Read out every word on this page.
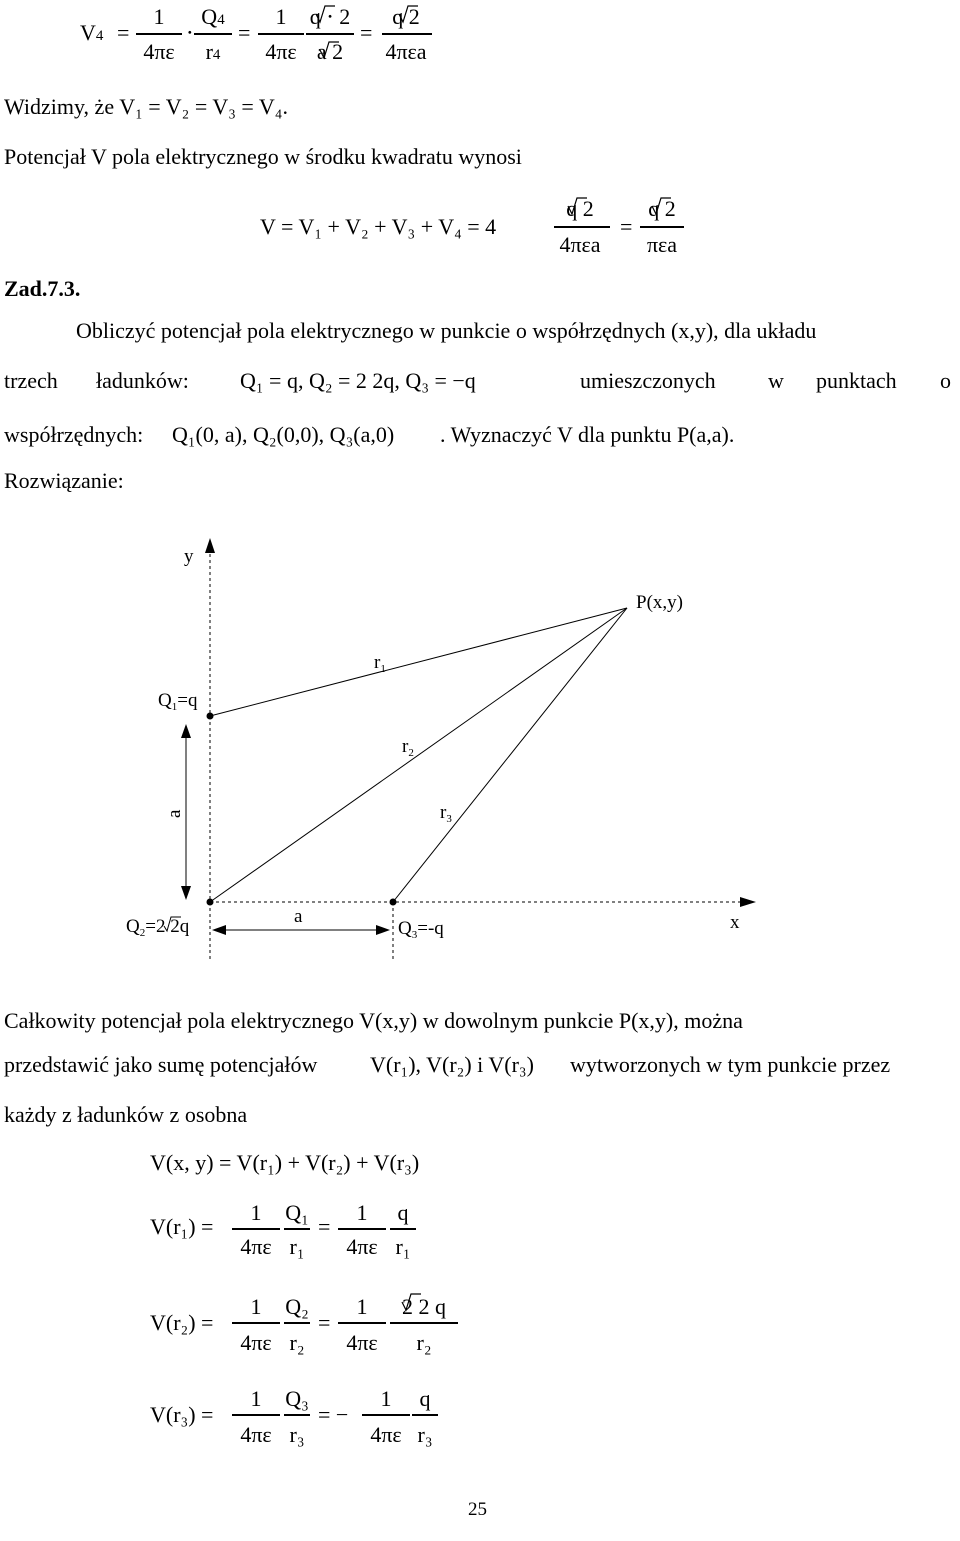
V4 =
1
4πε
⋅
Q4
r4
=
1
4πε
q ⋅ 2
a 2
=
q 2
4πεa
Widzimy, że V₁ = V₂ = V₃ = V₄.
Potencjał V pola elektrycznego w środku kwadratu wynosi
V = V₁ + V₂ + V₃ + V₄ = 4
q 2
4πεa
=
q 2
πεa
Zad.7.3.
Obliczyć potencjał pola elektrycznego w punkcie o współrzędnych (x,y), dla układu
trzech ładunków: Q₁ = q, Q₂ = 2 2q, Q₃ = −q	umieszczonych w punktach o
współrzędnych: Q₁(0, a), Q₂(0,0), Q₃(a,0) . Wyznaczyć V dla punktu P(a,a).
Rozwiązanie:
y
x
P(x,y)
$Q_1=q$
$Q_2=2$ 2q	$Q_3=-q$
$r_1$
$r_2$
$r_3$
a
a
Całkowity potencjał pola elektrycznego V(x,y) w dowolnym punkcie P(x,y), można
przedstawić jako sumę potencjałów V(r₁), V(r₂) i V(r₃) wytworzonych w tym punkcie przez
każdy z ładunków z osobna
V(x, y) = V(r₁) + V(r₂) + V(r₃)
V(r₁) =
1
4πε
Q₁
r₁
=
1
4πε
q
r₁
V(r₂) =
1
4πε
Q₂
r₂
=
1
4πε
2 2 q
r₂
V(r₃) =
1
4πε
Q₃
r₃
= −
1
4πε
q
r₃
25
